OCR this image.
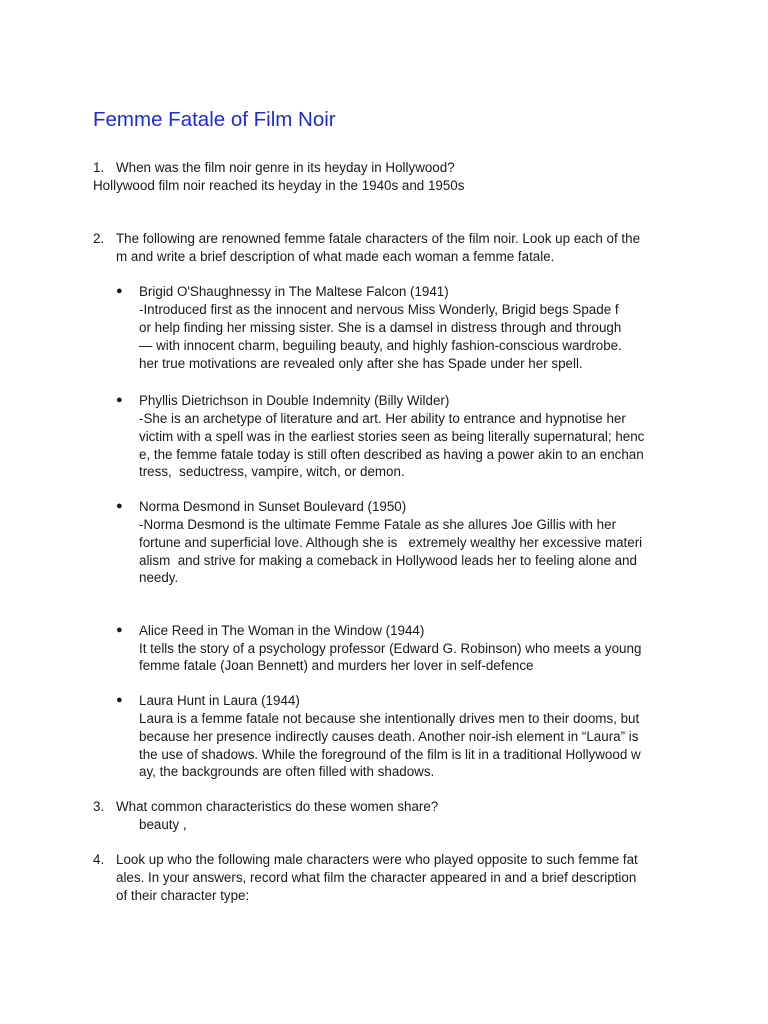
Femme Fatale of Film Noir
1. When was the film noir genre in its heyday in Hollywood?
Hollywood film noir reached its heyday in the 1940s and 1950s
2. The following are renowned femme fatale characters of the film noir. Look up each of the
m and write a brief description of what made each woman a femme fatale.
● Brigid O'Shaughnessy in The Maltese Falcon (1941)
-Introduced first as the innocent and nervous Miss Wonderly, Brigid begs Spade f
or help finding her missing sister. She is a damsel in distress through and through
— with innocent charm, beguiling beauty, and highly fashion-conscious wardrobe.
her true motivations are revealed only after she has Spade under her spell.
● Phyllis Dietrichson in Double Indemnity (Billy Wilder)
-She is an archetype of literature and art. Her ability to entrance and hypnotise her
victim with a spell was in the earliest stories seen as being literally supernatural; henc
e, the femme fatale today is still often described as having a power akin to an enchan
tress,  seductress, vampire, witch, or demon.
● Norma Desmond in Sunset Boulevard (1950)
-Norma Desmond is the ultimate Femme Fatale as she allures Joe Gillis with her
fortune and superficial love. Although she is   extremely wealthy her excessive materi
alism  and strive for making a comeback in Hollywood leads her to feeling alone and
needy.
● Alice Reed in The Woman in the Window (1944)
It tells the story of a psychology professor (Edward G. Robinson) who meets a young
femme fatale (Joan Bennett) and murders her lover in self-defence
● Laura Hunt in Laura (1944)
Laura is a femme fatale not because she intentionally drives men to their dooms, but
because her presence indirectly causes death. Another noir-ish element in “Laura” is
the use of shadows. While the foreground of the film is lit in a traditional Hollywood w
ay, the backgrounds are often filled with shadows.
3. What common characteristics do these women share?
beauty ,
4. Look up who the following male characters were who played opposite to such femme fat
ales. In your answers, record what film the character appeared in and a brief description
of their character type:
